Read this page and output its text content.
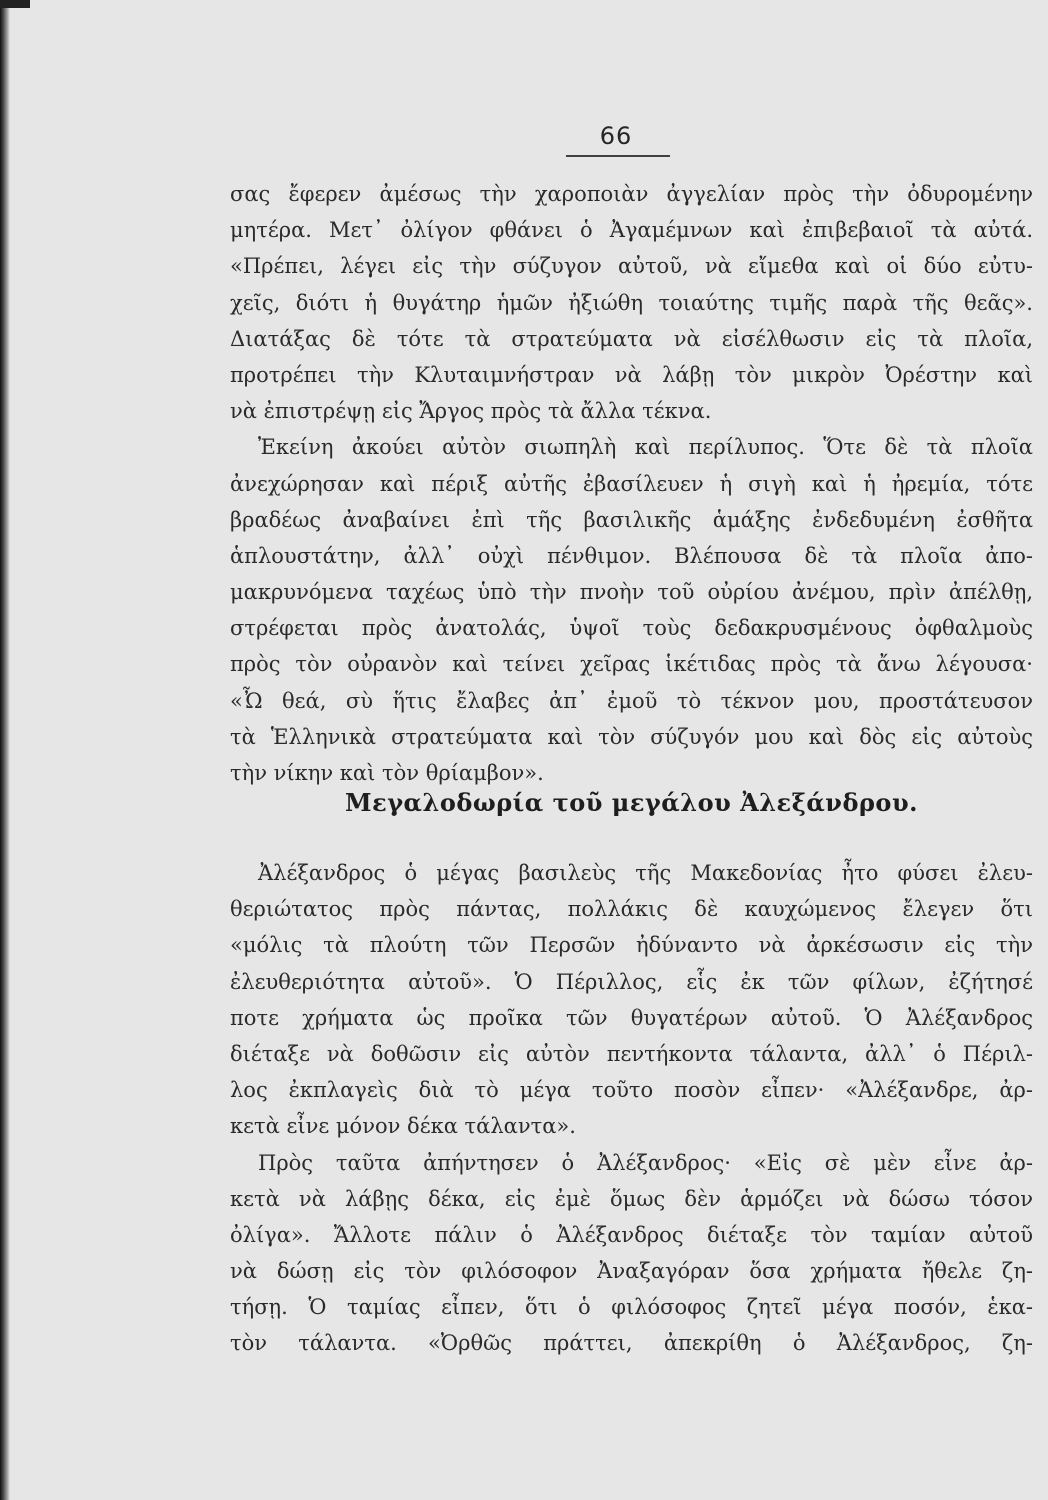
66
σας ἔφερεν ἀμέσως τὴν χαροποιὰν ἀγγελίαν πρὸς τὴν ὀδυρομένην
μητέρα. Μετ᾽ ὀλίγον φθάνει ὁ Ἀγαμέμνων καὶ ἐπιβεβαιοῖ τὰ αὐτά.
«Πρέπει, λέγει εἰς τὴν σύζυγον αὐτοῦ, νὰ εἴμεθα καὶ οἱ δύο εὐτυ-
χεῖς, διότι ἡ θυγάτηρ ἡμῶν ἠξιώθη τοιαύτης τιμῆς παρὰ τῆς θεᾶς».
Διατάξας δὲ τότε τὰ στρατεύματα νὰ εἰσέλθωσιν εἰς τὰ πλοῖα,
προτρέπει τὴν Κλυταιμνήστραν νὰ λάβῃ τὸν μικρὸν Ὀρέστην καὶ
νὰ ἐπιστρέψῃ εἰς Ἄργος πρὸς τὰ ἄλλα τέκνα.
Ἐκείνη ἀκούει αὐτὸν σιωπηλὴ καὶ περίλυπος. Ὅτε δὲ τὰ πλοῖα
ἀνεχώρησαν καὶ πέριξ αὐτῆς ἐβασίλευεν ἡ σιγὴ καὶ ἡ ἠρεμία, τότε
βραδέως ἀναβαίνει ἐπὶ τῆς βασιλικῆς ἁμάξης ἐνδεδυμένη ἐσθῆτα
ἁπλουστάτην, ἀλλ᾽ οὐχὶ πένθιμον. Βλέπουσα δὲ τὰ πλοῖα ἀπο-
μακρυνόμενα ταχέως ὑπὸ τὴν πνοὴν τοῦ οὐρίου ἀνέμου, πρὶν ἀπέλθῃ,
στρέφεται πρὸς ἀνατολάς, ὑψοῖ τοὺς δεδακρυσμένους ὀφθαλμοὺς
πρὸς τὸν οὐρανὸν καὶ τείνει χεῖρας ἱκέτιδας πρὸς τὰ ἄνω λέγουσα·
«Ὦ θεά, σὺ ἥτις ἔλαβες ἀπ᾽ ἐμοῦ τὸ τέκνον μου, προστάτευσον
τὰ Ἑλληνικὰ στρατεύματα καὶ τὸν σύζυγόν μου καὶ δὸς εἰς αὐτοὺς
τὴν νίκην καὶ τὸν θρίαμβον».
Μεγαλοδωρία τοῦ μεγάλου Ἀλεξάνδρου.
Ἀλέξανδρος ὁ μέγας βασιλεὺς τῆς Μακεδονίας ἦτο φύσει ἐλευ-
θεριώτατος πρὸς πάντας, πολλάκις δὲ καυχώμενος ἔλεγεν ὅτι
«μόλις τὰ πλούτη τῶν Περσῶν ἠδύναντο νὰ ἀρκέσωσιν εἰς τὴν
ἐλευθεριότητα αὐτοῦ». Ὁ Πέριλλος, εἷς ἐκ τῶν φίλων, ἐζήτησέ
ποτε χρήματα ὡς προῖκα τῶν θυγατέρων αὐτοῦ. Ὁ Ἀλέξανδρος
διέταξε νὰ δοθῶσιν εἰς αὐτὸν πεντήκοντα τάλαντα, ἀλλ᾽ ὁ Πέριλ-
λος ἐκπλαγεὶς διὰ τὸ μέγα τοῦτο ποσὸν εἶπεν· «Ἀλέξανδρε, ἀρ-
κετὰ εἶνε μόνον δέκα τάλαντα».
Πρὸς ταῦτα ἀπήντησεν ὁ Ἀλέξανδρος· «Εἰς σὲ μὲν εἶνε ἀρ-
κετὰ νὰ λάβῃς δέκα, εἰς ἐμὲ ὅμως δὲν ἁρμόζει νὰ δώσω τόσον
ὀλίγα». Ἄλλοτε πάλιν ὁ Ἀλέξανδρος διέταξε τὸν ταμίαν αὐτοῦ
νὰ δώσῃ εἰς τὸν φιλόσοφον Ἀναξαγόραν ὅσα χρήματα ἤθελε ζη-
τήσῃ. Ὁ ταμίας εἶπεν, ὅτι ὁ φιλόσοφος ζητεῖ μέγα ποσόν, ἑκα-
τὸν τάλαντα. «Ὀρθῶς πράττει, ἀπεκρίθη ὁ Ἀλέξανδρος, ζη-
